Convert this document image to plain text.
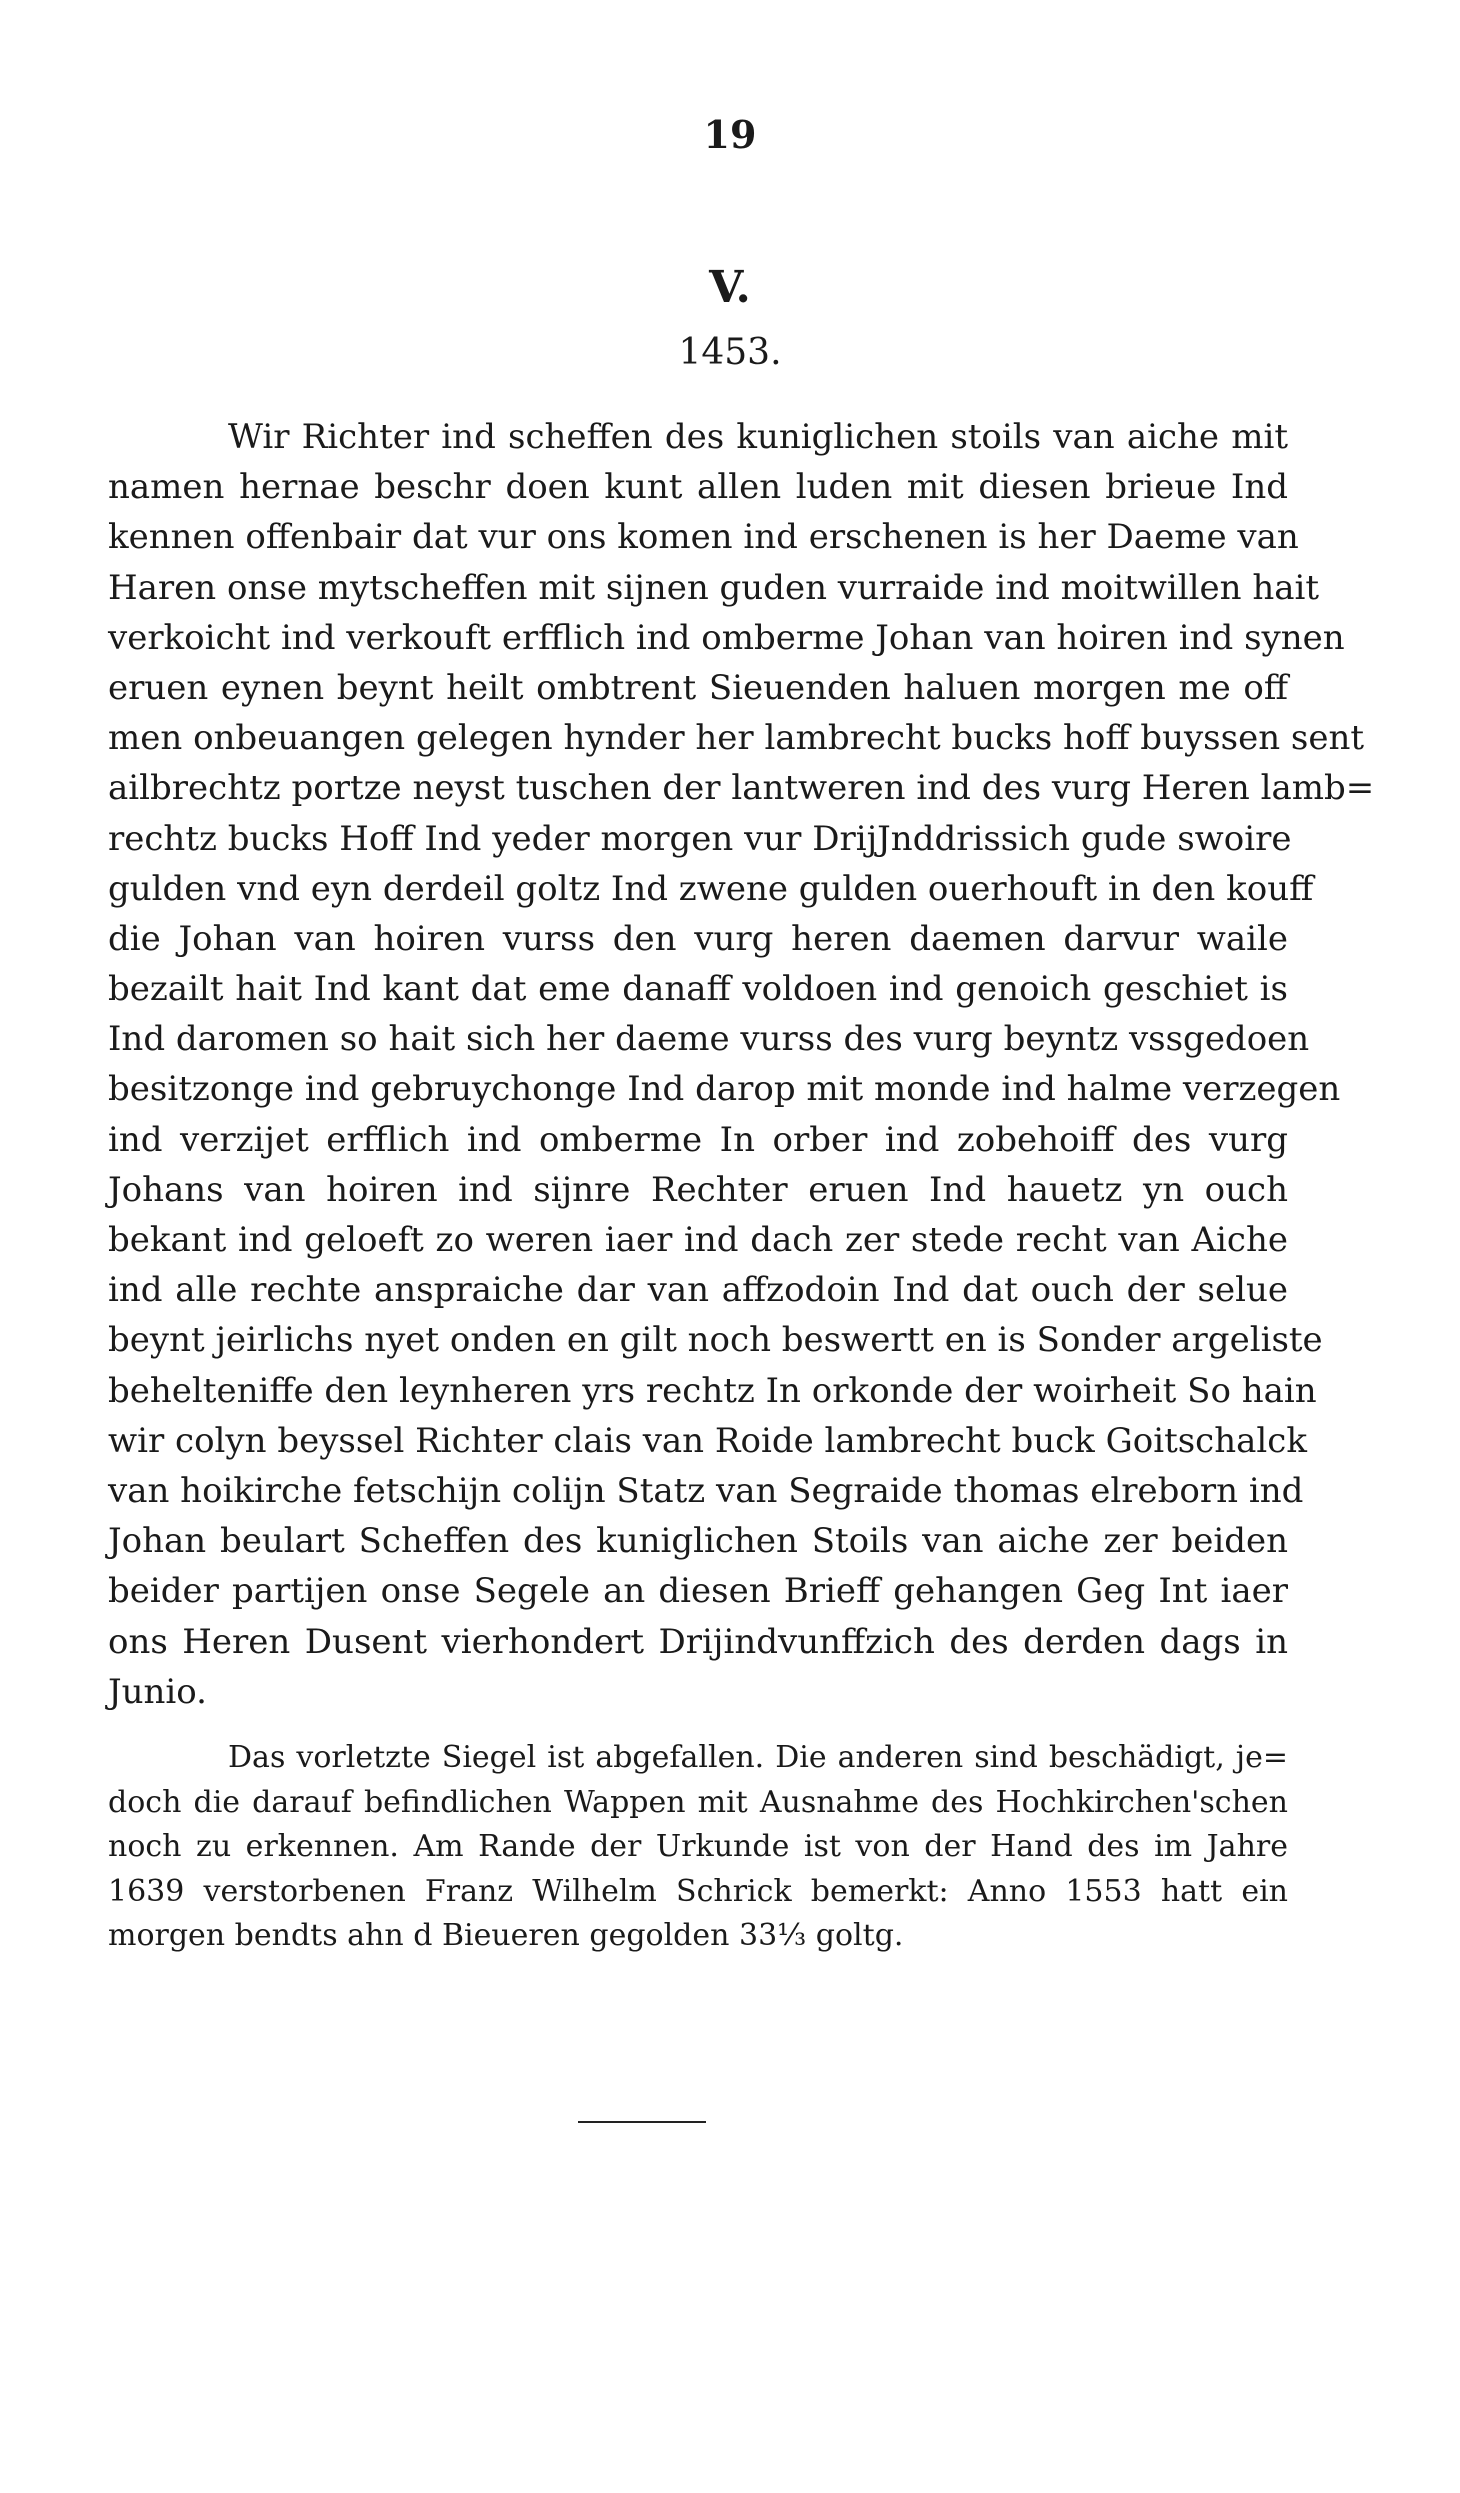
19
V.
1453.
Wir Richter ind scheffen des kuniglichen stoils van aiche mit
namen hernae beschr doen kunt allen luden mit diesen brieue Ind
kennen offenbair dat vur ons komen ind erschenen is her Daeme van
Haren onse mytscheffen mit sijnen guden vurraide ind moitwillen hait
verkoicht ind verkouft erfflich ind omberme Johan van hoiren ind synen
eruen eynen beynt heilt ombtrent Sieuenden haluen morgen me off
men onbeuangen gelegen hynder her lambrecht bucks hoff buyssen sent
ailbrechtz portze neyst tuschen der lantweren ind des vurg Heren lamb=
rechtz bucks Hoff Ind yeder morgen vur DrijJnddrissich gude swoire
gulden vnd eyn derdeil goltz Ind zwene gulden ouerhouft in den kouff
die Johan van hoiren vurss den vurg heren daemen darvur waile
bezailt hait Ind kant dat eme danaff voldoen ind genoich geschiet is
Ind daromen so hait sich her daeme vurss des vurg beyntz vssgedoen
besitzonge ind gebruychonge Ind darop mit monde ind halme verzegen
ind verzijet erfflich ind omberme In orber ind zobehoiff des vurg
Johans van hoiren ind sijnre Rechter eruen Ind hauetz yn ouch
bekant ind geloeft zo weren iaer ind dach zer stede recht van Aiche
ind alle rechte anspraiche dar van affzodoin Ind dat ouch der selue
beynt jeirlichs nyet onden en gilt noch beswertt en is Sonder argeliste
behelteniffe den leynheren yrs rechtz In orkonde der woirheit So hain
wir colyn beyssel Richter clais van Roide lambrecht buck Goitschalck
van hoikirche fetschijn colijn Statz van Segraide thomas elreborn ind
Johan beulart Scheffen des kuniglichen Stoils van aiche zer beiden
beider partijen onse Segele an diesen Brieff gehangen Geg Int iaer
ons Heren Dusent vierhondert Drijindvunffzich des derden dags in
Junio.
Das vorletzte Siegel ist abgefallen. Die anderen sind beschädigt, je=
doch die darauf befindlichen Wappen mit Ausnahme des Hochkirchen'schen
noch zu erkennen. Am Rande der Urkunde ist von der Hand des im Jahre
1639 verstorbenen Franz Wilhelm Schrick bemerkt: Anno 1553 hatt ein
morgen bendts ahn d Bieueren gegolden 33⅓ goltg.
